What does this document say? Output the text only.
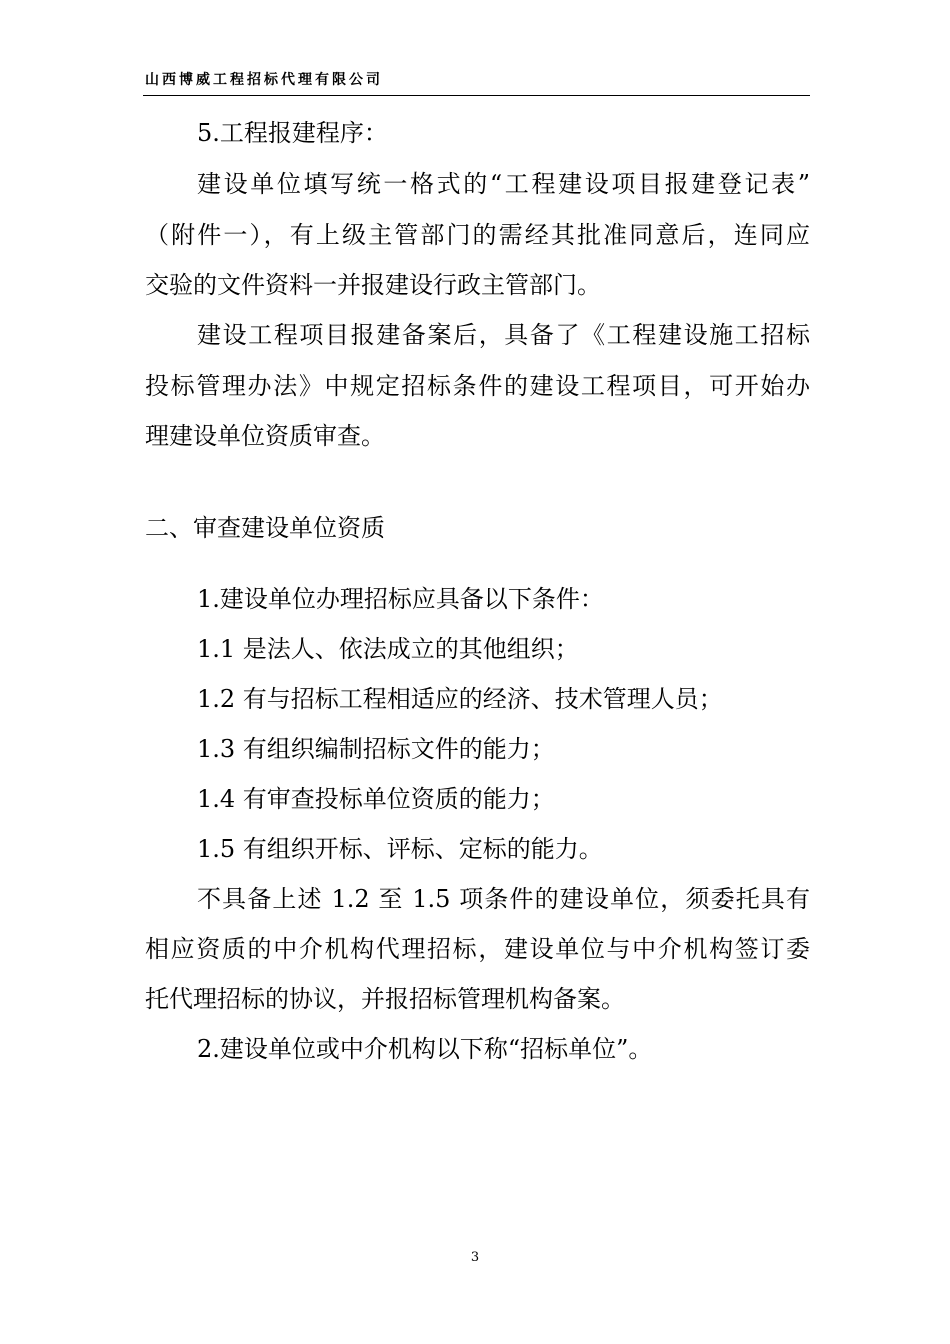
山西博威工程招标代理有限公司
5.工程报建程序：
建设单位填写统一格式的“工程建设项目报建登记表”
（附件一），有上级主管部门的需经其批准同意后，连同应
交验的文件资料一并报建设行政主管部门。
建设工程项目报建备案后，具备了《工程建设施工招标
投标管理办法》中规定招标条件的建设工程项目，可开始办
理建设单位资质审查。
二、审查建设单位资质
1.建设单位办理招标应具备以下条件：
1.1 是法人、依法成立的其他组织；
1.2 有与招标工程相适应的经济、技术管理人员；
1.3 有组织编制招标文件的能力；
1.4 有审查投标单位资质的能力；
1.5 有组织开标、评标、定标的能力。
不具备上述 1.2 至 1.5 项条件的建设单位，须委托具有
相应资质的中介机构代理招标，建设单位与中介机构签订委
托代理招标的协议，并报招标管理机构备案。
2.建设单位或中介机构以下称“招标单位”。
3
